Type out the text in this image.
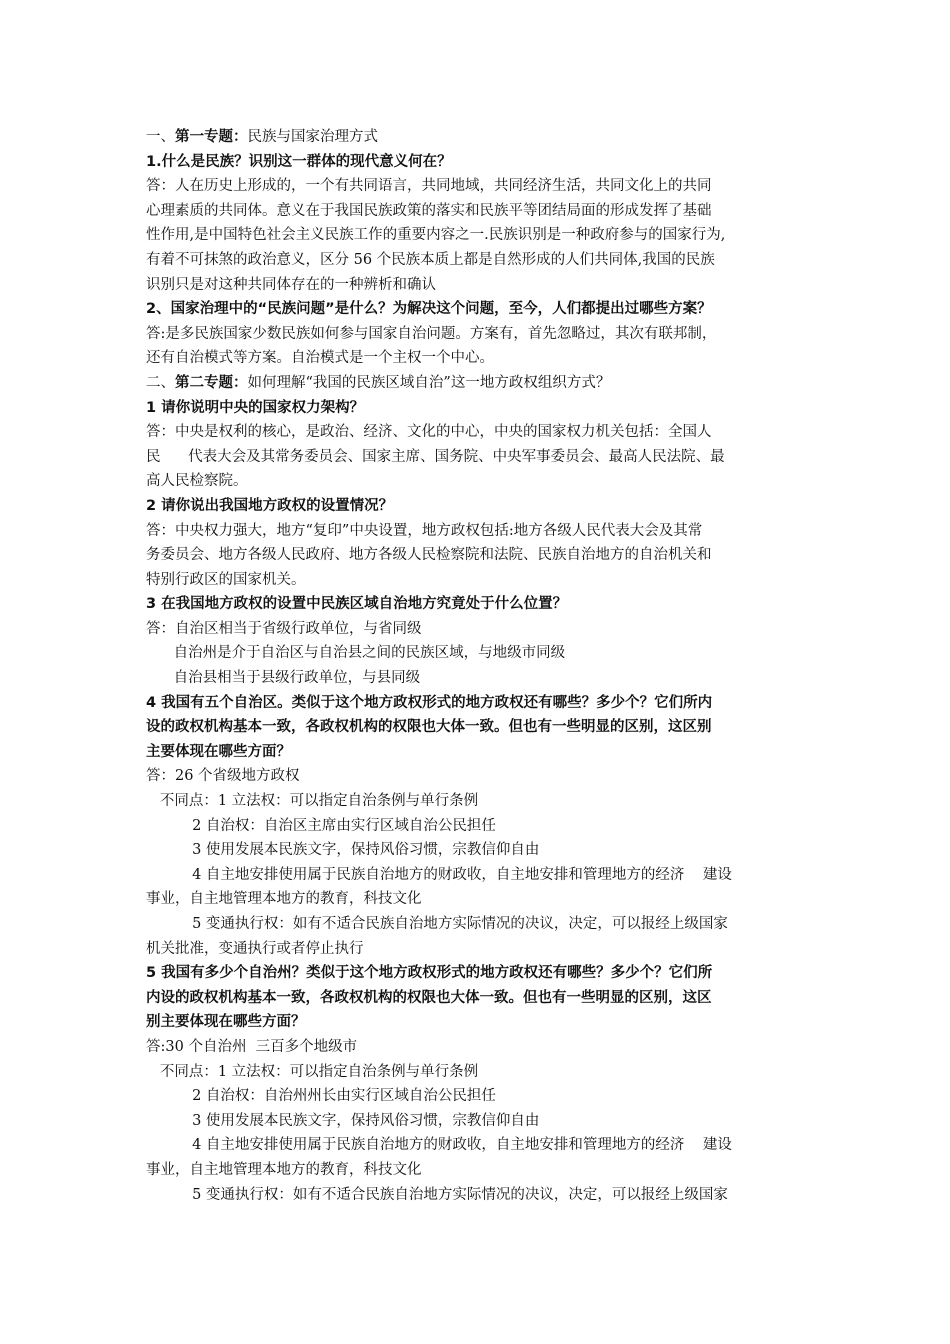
一、第一专题：民族与国家治理方式
1.什么是民族？识别这一群体的现代意义何在？
答：人在历史上形成的，一个有共同语言，共同地域，共同经济生活，共同文化上的共同
心理素质的共同体。意义在于我国民族政策的落实和民族平等团结局面的形成发挥了基础
性作用,是中国特色社会主义民族工作的重要内容之一.民族识别是一种政府参与的国家行为,
有着不可抹煞的政治意义，区分 56 个民族本质上都是自然形成的人们共同体,我国的民族
识别只是对这种共同体存在的一种辨析和确认
2、国家治理中的“民族问题”是什么？为解决这个问题，至今，人们都提出过哪些方案？
答:是多民族国家少数民族如何参与国家自治问题。方案有，首先忽略过，其次有联邦制，
还有自治模式等方案。自治模式是一个主权一个中心。
二、第二专题：如何理解“我国的民族区域自治”这一地方政权组织方式？
1 请你说明中央的国家权力架构？
答：中央是权利的核心，是政治、经济、文化的中心，中央的国家权力机关包括：全国人
民      代表大会及其常务委员会、国家主席、国务院、中央军事委员会、最高人民法院、最
高人民检察院。
2 请你说出我国地方政权的设置情况？
答：中央权力强大，地方“复印”中央设置，地方政权包括:地方各级人民代表大会及其常
务委员会、地方各级人民政府、地方各级人民检察院和法院、民族自治地方的自治机关和
特别行政区的国家机关。
3 在我国地方政权的设置中民族区域自治地方究竟处于什么位置？
答：自治区相当于省级行政单位，与省同级
自治州是介于自治区与自治县之间的民族区域，与地级市同级
自治县相当于县级行政单位，与县同级
4 我国有五个自治区。类似于这个地方政权形式的地方政权还有哪些？多少个？它们所内
设的政权机构基本一致，各政权机构的权限也大体一致。但也有一些明显的区别，这区别
主要体现在哪些方面？
答：26 个省级地方政权
不同点：1 立法权：可以指定自治条例与单行条例
2 自治权：自治区主席由实行区域自治公民担任
3 使用发展本民族文字，保持风俗习惯，宗教信仰自由
4 自主地安排使用属于民族自治地方的财政收，自主地安排和管理地方的经济    建设
事业，自主地管理本地方的教育，科技文化
5 变通执行权：如有不适合民族自治地方实际情况的决议，决定，可以报经上级国家
机关批准，变通执行或者停止执行
5 我国有多少个自治州？类似于这个地方政权形式的地方政权还有哪些？多少个？它们所
内设的政权机构基本一致，各政权机构的权限也大体一致。但也有一些明显的区别，这区
别主要体现在哪些方面？
答:30 个自治州  三百多个地级市
不同点：1 立法权：可以指定自治条例与单行条例
2 自治权：自治州州长由实行区域自治公民担任
3 使用发展本民族文字，保持风俗习惯，宗教信仰自由
4 自主地安排使用属于民族自治地方的财政收，自主地安排和管理地方的经济    建设
事业，自主地管理本地方的教育，科技文化
5 变通执行权：如有不适合民族自治地方实际情况的决议，决定，可以报经上级国家
